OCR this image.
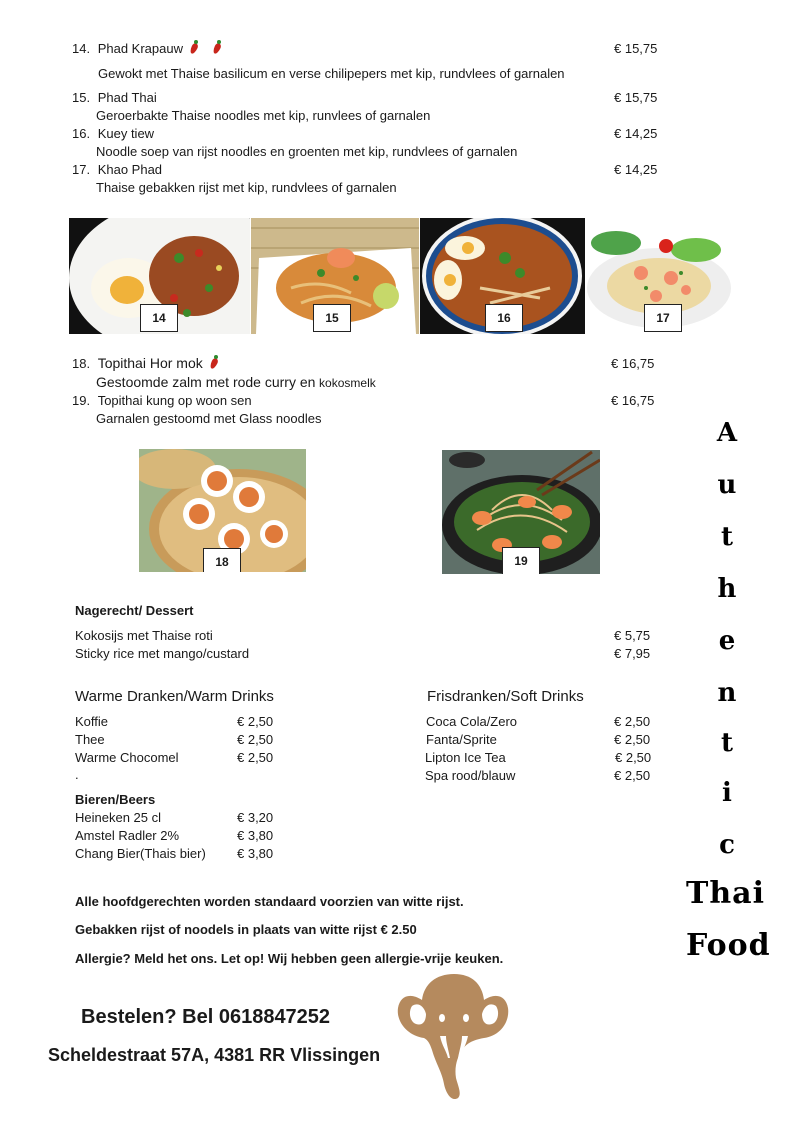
14. Phad Krapauw	€ 15,75
Gewokt met Thaise basilicum en verse chilipepers met kip, rundvlees of garnalen
15. Phad Thai	€ 15,75
Geroerbakte Thaise noodles met kip, runvlees of garnalen
16. Kuey tiew	€ 14,25
Noodle soep van rijst noodles en groenten met kip, rundvlees of garnalen
17. Khao Phad	€ 14,25
Thaise gebakken rijst met kip, rundvlees of garnalen
14	15	16	17
18. Topithai Hor mok	€ 16,75
Gestoomde zalm met rode curry en kokosmelk
19. Topithai kung op woon sen	€ 16,75
Garnalen gestoomd met Glass noodles
18	19
Nagerecht/ Dessert
Kokosijs met Thaise roti	€ 5,75
Sticky rice met mango/custard	€ 7,95
Warme Dranken/Warm Drinks
Koffie	€ 2,50
Thee	€ 2,50
Warme Chocomel	€ 2,50
.
Frisdranken/Soft Drinks
Coca Cola/Zero	€ 2,50
Fanta/Sprite	€ 2,50
Lipton Ice Tea	€ 2,50
Spa rood/blauw	€ 2,50
Bieren/Beers
Heineken 25 cl	€ 3,20
Amstel Radler 2%	€ 3,80
Chang Bier(Thais bier) € 3,80
Alle hoofdgerechten worden standaard voorzien van witte rijst.
Gebakken rijst of noodels in plaats van witte rijst € 2.50
Allergie? Meld het ons. Let op! Wij hebben geen allergie-vrije keuken.
Bestelen? Bel 0618847252
Scheldestraat 57A, 4381 RR Vlissingen
A
u
t
h
e
n
t
i
c
Thai
Food
